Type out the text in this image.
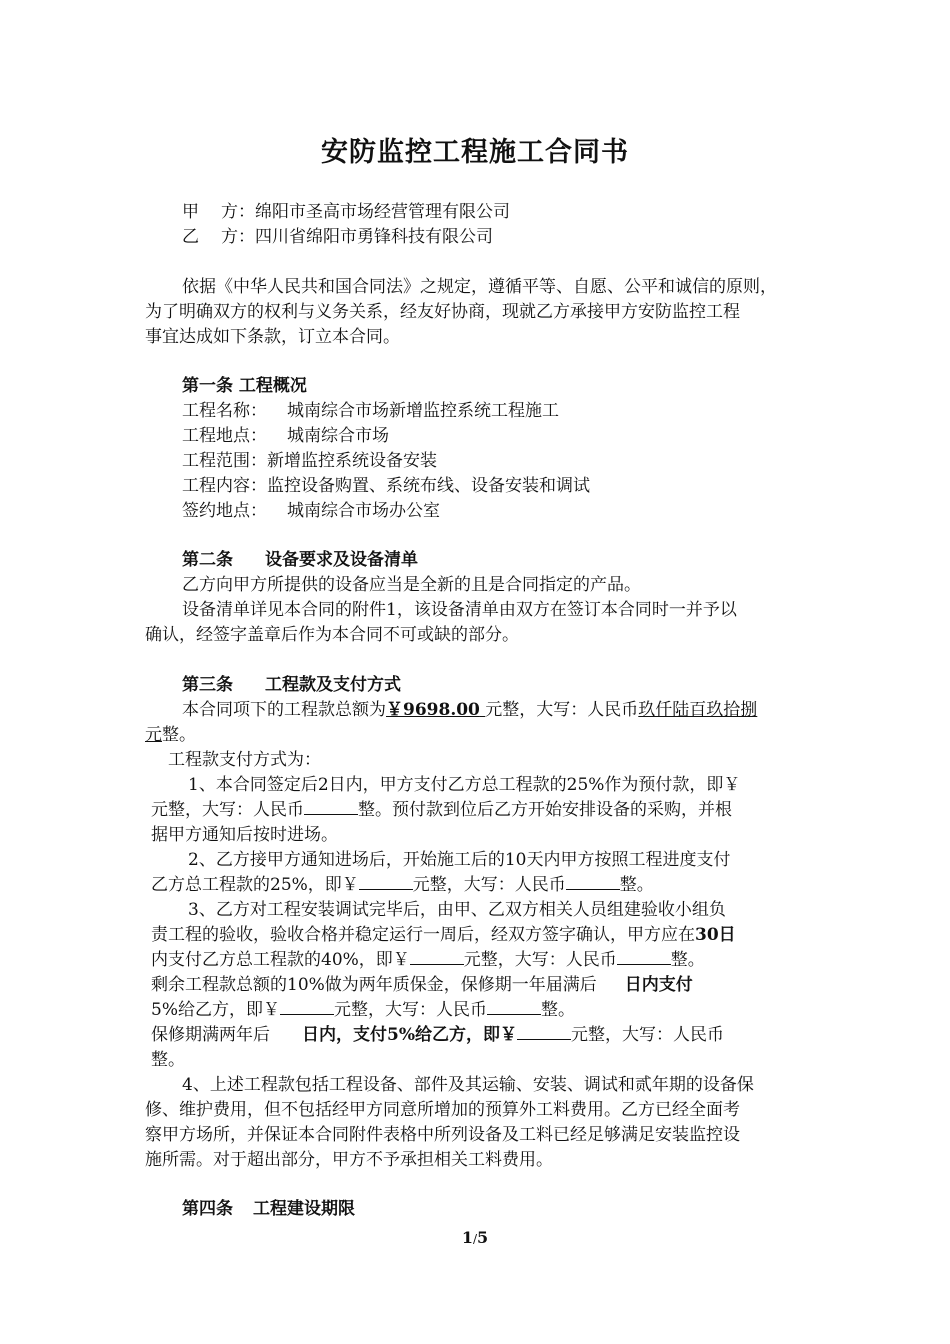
安防监控工程施工合同书
甲 方：绵阳市圣高市场经营管理有限公司
乙 方：四川省绵阳市勇锋科技有限公司
依据《中华人民共和国合同法》之规定，遵循平等、自愿、公平和诚信的原则，
为了明确双方的权利与义务关系，经友好协商，现就乙方承接甲方安防监控工程
事宜达成如下条款，订立本合同。
第一条 工程概况
工程名称： 城南综合市场新增监控系统工程施工
工程地点： 城南综合市场
工程范围：新增监控系统设备安装
工程内容：监控设备购置、系统布线、设备安装和调试
签约地点： 城南综合市场办公室
第二条 设备要求及设备清单
乙方向甲方所提供的设备应当是全新的且是合同指定的产品。
设备清单详见本合同的附件1，该设备清单由双方在签订本合同时一并予以
确认，经签字盖章后作为本合同不可或缺的部分。
第三条 工程款及支付方式
本合同项下的工程款总额为￥9698.00 元整，大写：人民币玖仟陆百玖拾捌
元整。
工程款支付方式为：
1、本合同签定后2日内，甲方支付乙方总工程款的25%作为预付款，即￥
元整，大写：人民币	整。预付款到位后乙方开始安排设备的采购，并根
据甲方通知后按时进场。
2、乙方接甲方通知进场后，开始施工后的10天内甲方按照工程进度支付
乙方总工程款的25%，即￥	元整，大写：人民币	整。
3、乙方对工程安装调试完毕后，由甲、乙双方相关人员组建验收小组负
责工程的验收，验收合格并稳定运行一周后，经双方签字确认，甲方应在30日
内支付乙方总工程款的40%，即￥	元整，大写：人民币	整。
剩余工程款总额的10%做为两年质保金，保修期一年届满后 日内支付
5%给乙方，即￥	元整，大写：人民币	整。
保修期满两年后 日内，支付5%给乙方，即￥	元整，大写：人民币
整。
4、上述工程款包括工程设备、部件及其运输、安装、调试和贰年期的设备保
修、维护费用，但不包括经甲方同意所增加的预算外工料费用。乙方已经全面考
察甲方场所，并保证本合同附件表格中所列设备及工料已经足够满足安装监控设
施所需。对于超出部分，甲方不予承担相关工料费用。
第四条 工程建设期限
1/5
